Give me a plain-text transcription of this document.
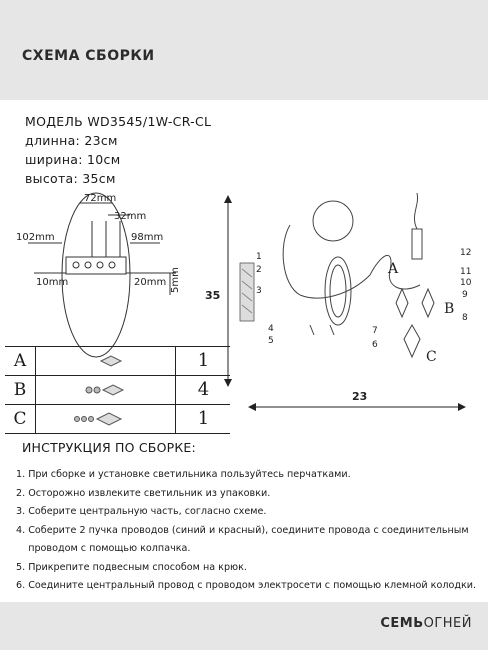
СХЕМА СБОРКИ
МОДЕЛЬ WD3545/1W-CR-CL
длинна: 23см
ширина: 10см
высота: 35см
72mm
32mm
102mm	98mm
10mm	20mm 5mm
35
23
1
2
3
4
5	6
7
8
9
10
11
12
A
B
C
A	1
B	4
C	1
ИНСТРУКЦИЯ ПО СБОРКЕ:
1. При сборке и установке светильника пользуйтесь перчатками.
2. Осторожно извлеките светильник из упаковки.
3. Соберите центральную часть, согласно схеме.
4. Соберите 2 пучка проводов (синий и красный), соедините провода с соединительным
проводом с помощью колпачка.
5. Прикрепите подвесным способом на крюк.
6. Соедините центральный провод с проводом электросети с помощью клемной колодки.
СЕМЬОГНЕЙ
